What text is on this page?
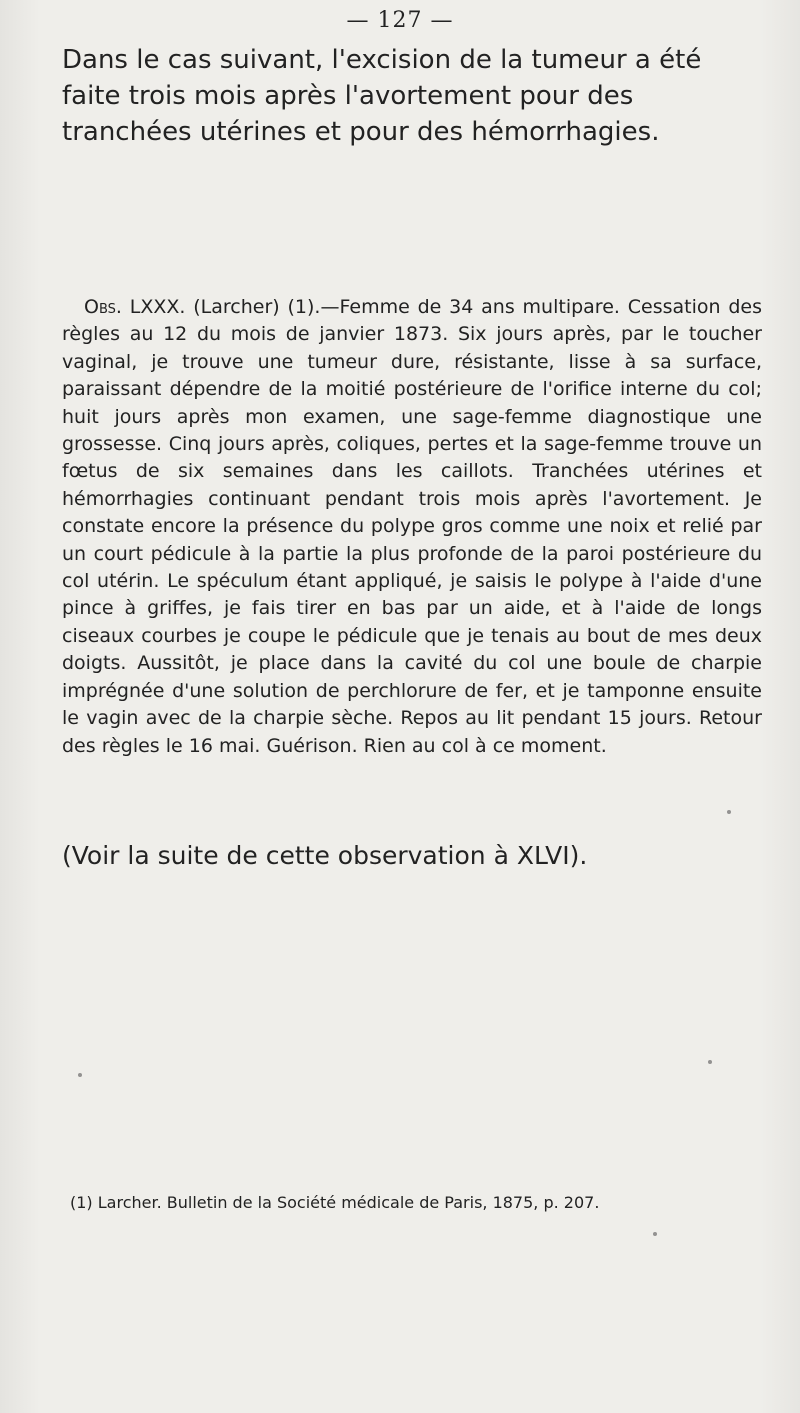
— 127 —

Dans le cas suivant, l'excision de la tumeur a été faite trois mois après l'avortement pour des tranchées utérines et pour des hémorrhagies.

Obs. LXXX. (Larcher) (1).—Femme de 34 ans multipare. Cessation des règles au 12 du mois de janvier 1873. Six jours après, par le toucher vaginal, je trouve une tumeur dure, résistante, lisse à sa surface, paraissant dépendre de la moitié postérieure de l'orifice interne du col; huit jours après mon examen, une sage-femme diagnostique une grossesse. Cinq jours après, coliques, pertes et la sage-femme trouve un fœtus de six semaines dans les caillots. Tranchées utérines et hémorrhagies continuant pendant trois mois après l'avortement. Je constate encore la présence du polype gros comme une noix et relié par un court pédicule à la partie la plus profonde de la paroi postérieure du col utérin. Le spéculum étant appliqué, je saisis le polype à l'aide d'une pince à griffes, je fais tirer en bas par un aide, et à l'aide de longs ciseaux courbes je coupe le pédicule que je tenais au bout de mes deux doigts. Aussitôt, je place dans la cavité du col une boule de charpie imprégnée d'une solution de perchlorure de fer, et je tamponne ensuite le vagin avec de la charpie sèche. Repos au lit pendant 15 jours. Retour des règles le 16 mai. Guérison. Rien au col à ce moment.

(Voir la suite de cette observation à XLVI).

(1) Larcher. Bulletin de la Société médicale de Paris, 1875, p. 207.
